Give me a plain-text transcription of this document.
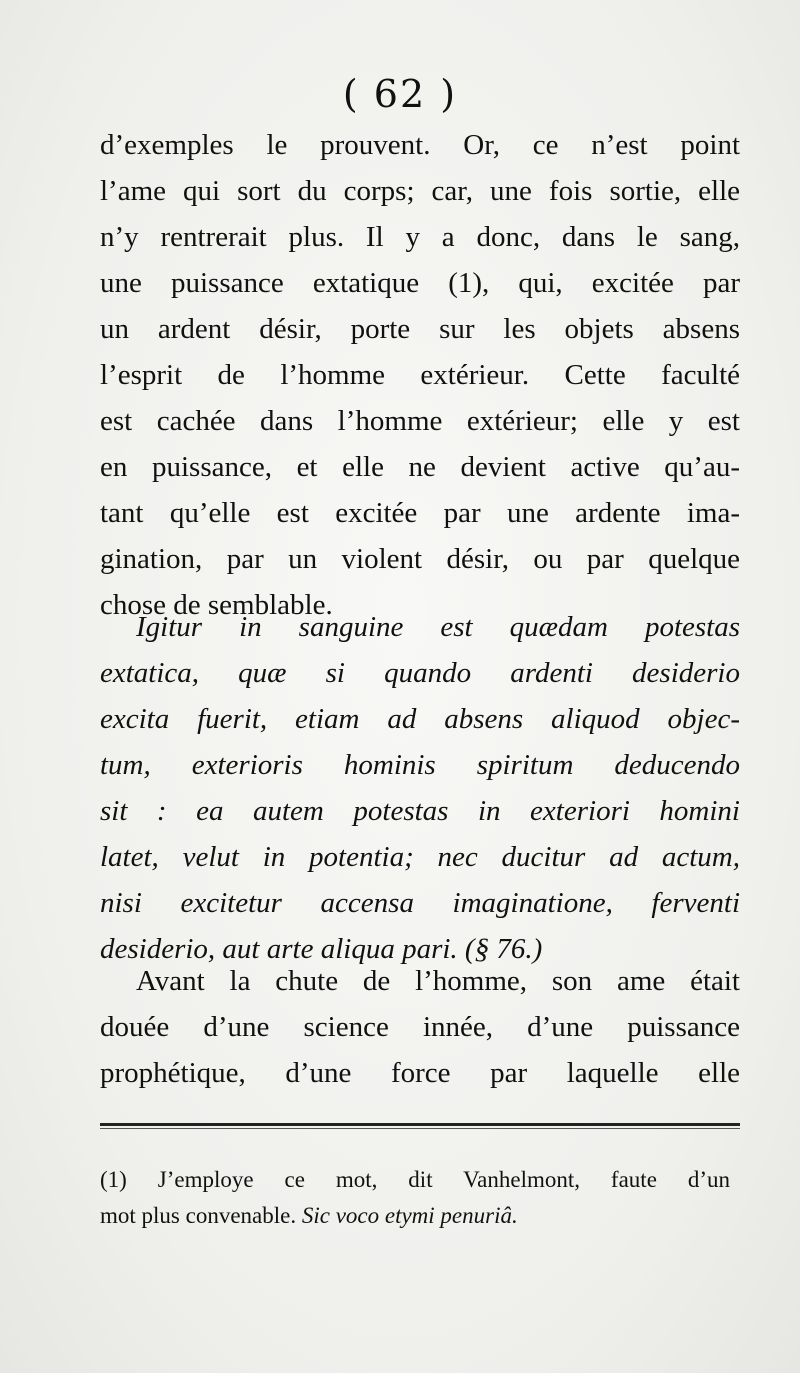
( 62 )
d’exemples le prouvent. Or, ce n’est point
l’ame qui sort du corps; car, une fois sortie, elle
n’y rentrerait plus. Il y a donc, dans le sang,
une puissance extatique (1), qui, excitée par
un ardent désir, porte sur les objets absens
l’esprit de l’homme extérieur. Cette faculté
est cachée dans l’homme extérieur; elle y est
en puissance, et elle ne devient active qu’au-
tant qu’elle est excitée par une ardente ima-
gination, par un violent désir, ou par quelque
chose de semblable.
Igitur in sanguine est quædam potestas
extatica, quæ si quando ardenti desiderio
excita fuerit, etiam ad absens aliquod objec-
tum, exterioris hominis spiritum deducendo
sit : ea autem potestas in exteriori homini
latet, velut in potentia; nec ducitur ad actum,
nisi excitetur accensa imaginatione, ferventi
desiderio, aut arte aliqua pari. (§ 76.)
Avant la chute de l’homme, son ame était
douée d’une science innée, d’une puissance
prophétique, d’une force par laquelle elle
(1) J’employe ce mot, dit Vanhelmont, faute d’un
mot plus convenable. Sic voco etymi penuriâ.
